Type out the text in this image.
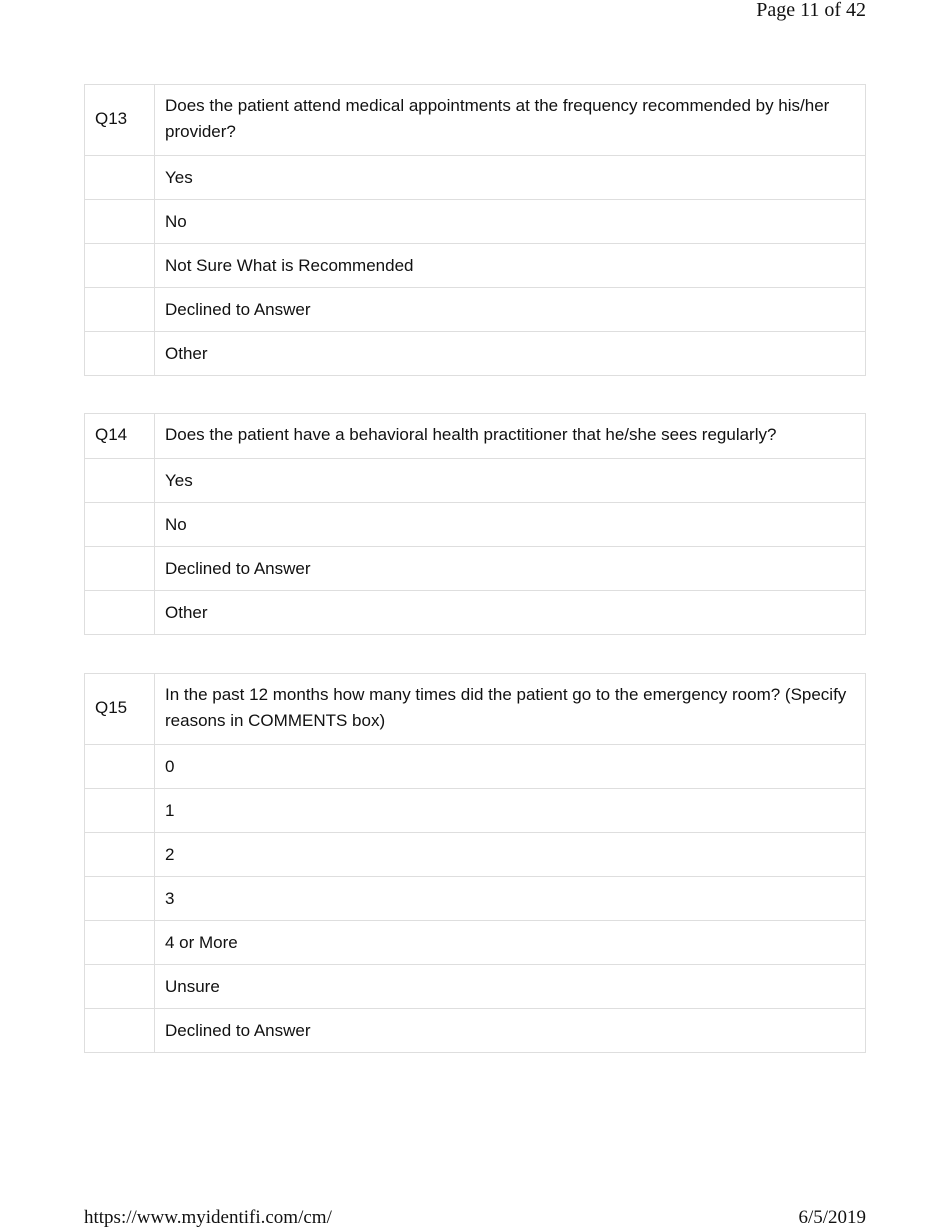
Page 11 of 42
Q13	Does the patient attend medical appointments at the frequency recommended by his/her provider?
	Yes
	No
	Not Sure What is Recommended
	Declined to Answer
	Other
Q14	Does the patient have a behavioral health practitioner that he/she sees regularly?
	Yes
	No
	Declined to Answer
	Other
Q15	In the past 12 months how many times did the patient go to the emergency room? (Specify reasons in COMMENTS box)
	0
	1
	2
	3
	4 or More
	Unsure
	Declined to Answer
https://www.myidentifi.com/cm/	6/5/2019
